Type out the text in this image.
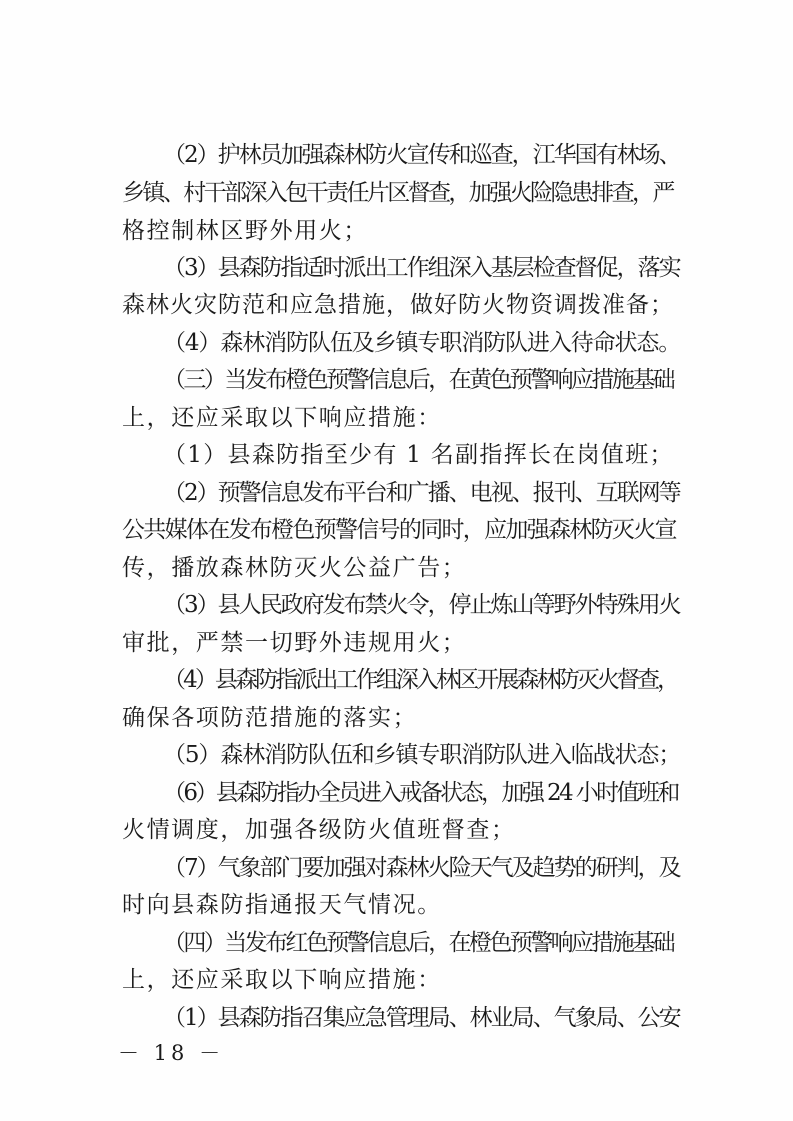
（2）护林员加强森林防火宣传和巡查，江华国有林场、
乡镇、村干部深入包干责任片区督查，加强火险隐患排查，严
格控制林区野外用火；
（3）县森防指适时派出工作组深入基层检查督促，落实
森林火灾防范和应急措施，做好防火物资调拨准备；
（4）森林消防队伍及乡镇专职消防队进入待命状态。
（三）当发布橙色预警信息后，在黄色预警响应措施基础
上，还应采取以下响应措施：
（1）县森防指至少有 1 名副指挥长在岗值班；
（2）预警信息发布平台和广播、电视、报刊、互联网等
公共媒体在发布橙色预警信号的同时，应加强森林防灭火宣
传，播放森林防灭火公益广告；
（3）县人民政府发布禁火令，停止炼山等野外特殊用火
审批，严禁一切野外违规用火；
（4）县森防指派出工作组深入林区开展森林防灭火督查，
确保各项防范措施的落实；
（5）森林消防队伍和乡镇专职消防队进入临战状态；
（6）县森防指办全员进入戒备状态，加强 24 小时值班和
火情调度，加强各级防火值班督查；
（7）气象部门要加强对森林火险天气及趋势的研判，及
时向县森防指通报天气情况。
（四）当发布红色预警信息后，在橙色预警响应措施基础
上，还应采取以下响应措施：
（1）县森防指召集应急管理局、林业局、气象局、公安
－ 18 －
